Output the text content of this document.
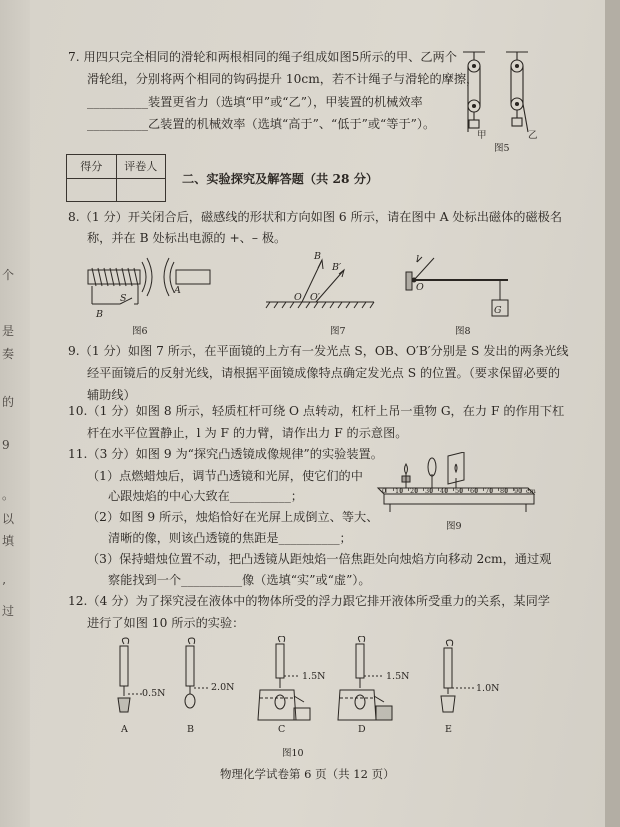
个
是
奏
的
9
。
以
填
’
过
7. 用四只完全相同的滑轮和两根相同的绳子组成如图5所示的甲、乙两个
滑轮组，分别将两个相同的钩码提升 10cm，若不计绳子与滑轮的摩擦，
__________装置更省力（选填“甲”或“乙”），甲装置的机械效率
__________乙装置的机械效率（选填“高于”、“低于”或“等于”）。
甲	乙
图5
得分	评卷人

二、实验探究及解答题（共 28 分）
8.（1 分）开关闭合后，磁感线的形状和方向如图 6 所示，请在图中 A 处标出磁体的磁极名
称，并在 B 处标出电源的 +、– 极。
S
B
A
图6
B
B′
O O′
图7
l
O
G
图8
9.（1 分）如图 7 所示，在平面镜的上方有一发光点 S，OB、O′B′分别是 S 发出的两条光线
经平面镜后的反射光线，请根据平面镜成像特点确定发光点 S 的位置。（要求保留必要的
辅助线）
10.（1 分）如图 8 所示，轻质杠杆可绕 O 点转动，杠杆上吊一重物 G，在力 F 的作用下杠
杆在水平位置静止，l 为 F 的力臂，请作出力 F 的示意图。
11.（3 分）如图 9 为“探究凸透镜成像规律”的实验装置。
（1）点燃蜡烛后，调节凸透镜和光屏，使它们的中
心跟烛焰的中心大致在__________；
（2）如图 9 所示，烛焰恰好在光屏上成倒立、等大、
清晰的像，则该凸透镜的焦距是__________；
（3）保持蜡烛位置不动，把凸透镜从距烛焰一倍焦距处向烛焰方向移动 2cm，通过观
察能找到一个__________像（选填“实”或“虚”）。
0 10 20 30 40 50 60 70 80 90 cm
图9
12.（4 分）为了探究浸在液体中的物体所受的浮力跟它排开液体所受重力的关系，某同学
进行了如图 10 所示的实验：
0.5N
2.0N
1.5N	1.5N
1.0N
A	B	C	D	E
图10
物理化学试卷第 6 页（共 12 页）
